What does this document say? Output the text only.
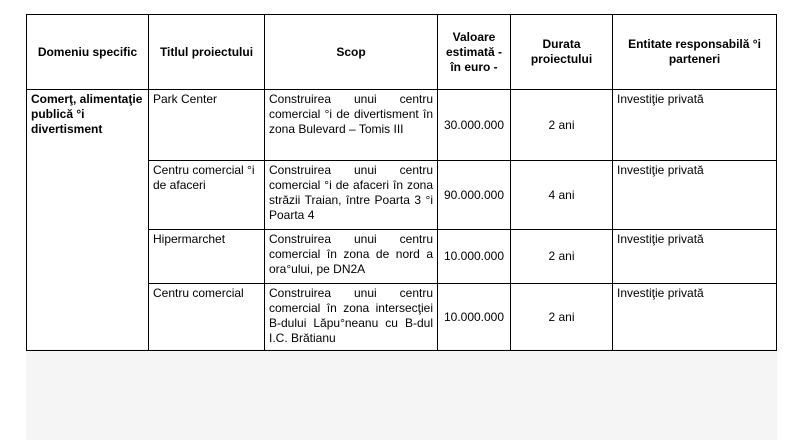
Domeniu specific	Titlul proiectului	Scop	Valoare estimată - în euro -	Durata proiectului	Entitate responsabilă °i parteneri
Comerţ, alimentaţie publică °i divertisment	Park Center	Construirea unui centru comercial °i de divertisment în zona Bulevard – Tomis III	30.000.000	2 ani	Investiţie privată
	Centru comercial °i de afaceri	Construirea unui centru comercial °i de afaceri în zona străzii Traian, între Poarta 3 °i Poarta 4	90.000.000	4 ani	Investiţie privată
	Hipermarchet	Construirea unui centru comercial în zona de nord a ora°ului, pe DN2A	10.000.000	2 ani	Investiţie privată
	Centru comercial	Construirea unui centru comercial în zona intersecţiei B-dului Lăpu°neanu cu B-dul I.C. Brătianu	10.000.000	2 ani	Investiţie privată
